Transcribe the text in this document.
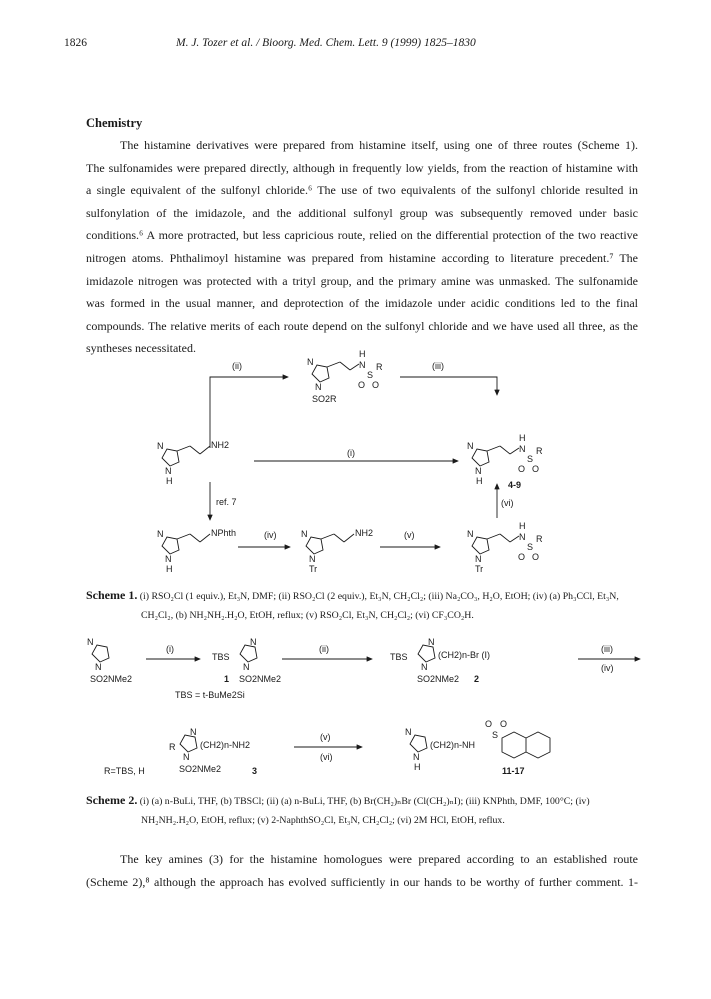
1826	M. J. Tozer et al. / Bioorg. Med. Chem. Lett. 9 (1999) 1825–1830
Chemistry
The histamine derivatives were prepared from histamine itself, using one of three routes (Scheme 1).
The sulfonamides were prepared directly, although in frequently low yields, from the reaction of histamine with
a single equivalent of the sulfonyl chloride.⁶ The use of two equivalents of the sulfonyl chloride resulted in
sulfonylation of the imidazole, and the additional sulfonyl group was subsequently removed under basic
conditions.⁶ A more protracted, but less capricious route, relied on the differential protection of the two reactive
nitrogen atoms. Phthalimoyl histamine was prepared from histamine according to literature precedent.⁷ The
imidazole nitrogen was protected with a trityl group, and the primary amine was unmasked. The sulfonamide
was formed in the usual manner, and deprotection of the imidazole under acidic conditions led to the final
compounds. The relative merits of each route depend on the sulfonyl chloride and we have used all three, as the
syntheses necessitated.
(ii)	(iii)
(i)
ref. 7
(iv)	(v)
(vi)
4-9
N
N
SO2R
N
H
S
R
O O
N
N
H
NH2	N
N
H
N
H
S
R
O O
N
N
H
NPhth	N
N
Tr
NH2	N
N
Tr
N
H
S
R
O O
(i)	(ii)	(iii)
(iv)
(v)
(vi)
N
N
SO2NMe2
N
TBS
N
SO2NMe2
1
TBS = t-BuMe2Si
N
TBS
N
(CH2)n-Br (I)
SO2NMe2 2
N
R
N
(CH2)n-NH2
SO2NMe2
R=TBS, H	3
N
N
H
(CH2)n-NH
S
O O
11-17
Scheme 1. (i) RSO₂Cl (1 equiv.), Et₃N, DMF; (ii) RSO₂Cl (2 equiv.), Et₃N, CH₂Cl₂; (iii) Na₂CO₃, H₂O, EtOH; (iv) (a) Ph₃CCl, Et₃N,
CH₂Cl₂, (b) NH₂NH₂.H₂O, EtOH, reflux; (v) RSO₂Cl, Et₃N, CH₂Cl₂; (vi) CF₃CO₂H.
Scheme 2. (i) (a) n-BuLi, THF, (b) TBSCl; (ii) (a) n-BuLi, THF, (b) Br(CH₂)ₙBr (Cl(CH₂)ₙI); (iii) KNPhth, DMF, 100°C; (iv)
NH₂NH₂.H₂O, EtOH, reflux; (v) 2-NaphthSO₂Cl, Et₃N, CH₂Cl₂; (vi) 2M HCl, EtOH, reflux.
The key amines (3) for the histamine homologues were prepared according to an established route
(Scheme 2),⁸ although the approach has evolved sufficiently in our hands to be worthy of further comment. 1-
